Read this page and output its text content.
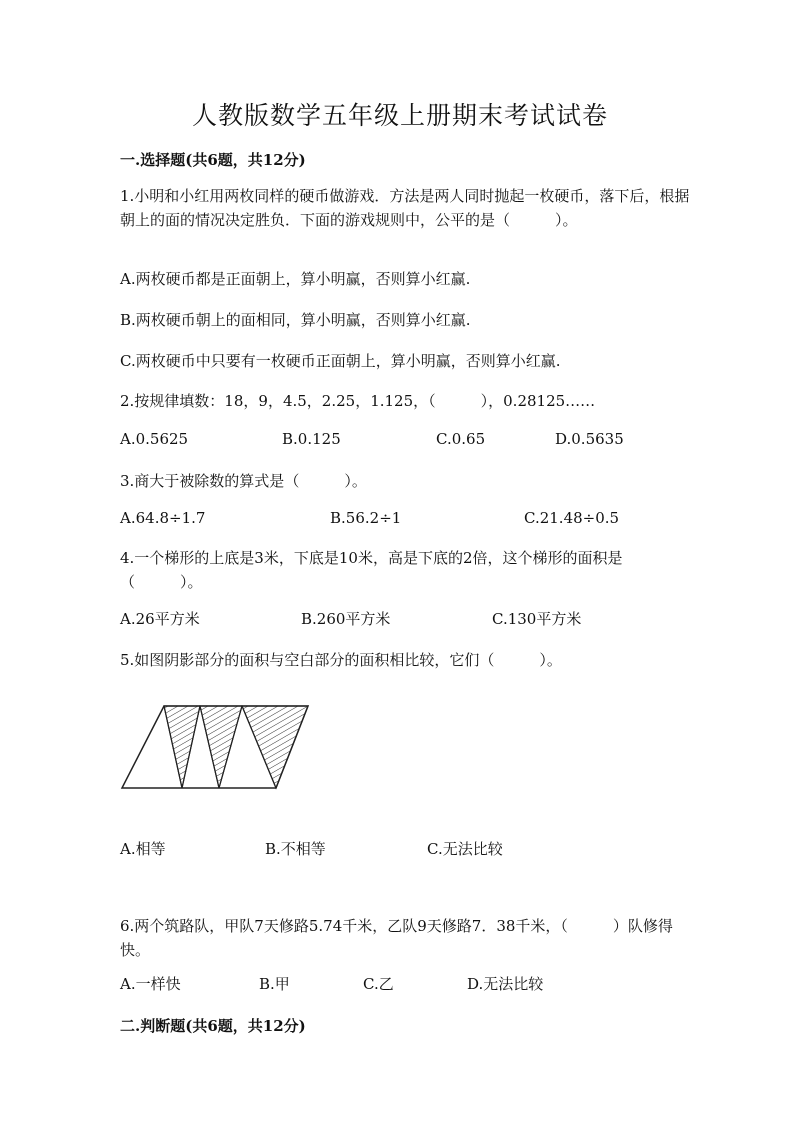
人教版数学五年级上册期末考试试卷
一.选择题(共6题，共12分)
1.小明和小红用两枚同样的硬币做游戏．方法是两人同时抛起一枚硬币，落下后，根据朝上的面的情况决定胜负．下面的游戏规则中，公平的是（　　　）。
A.两枚硬币都是正面朝上，算小明赢，否则算小红赢.
B.两枚硬币朝上的面相同，算小明赢，否则算小红赢.
C.两枚硬币中只要有一枚硬币正面朝上，算小明赢，否则算小红赢.
2.按规律填数：18，9，4.5，2.25，1.125，（　　　），0.28125……
A.0.5625	B.0.125	C.0.65	D.0.5635
3.商大于被除数的算式是（　　　）。
A.64.8÷1.7	B.56.2÷1	C.21.48÷0.5
4.一个梯形的上底是3米，下底是10米，高是下底的2倍，这个梯形的面积是（　　　）。
A.26平方米	B.260平方米	C.130平方米
5.如图阴影部分的面积与空白部分的面积相比较，它们（　　　）。
A.相等	B.不相等	C.无法比较
6.两个筑路队，甲队7天修路5.74千米，乙队9天修路7．38千米，（　　　）队修得快。
A.一样快	B.甲	C.乙	D.无法比较
二.判断题(共6题，共12分)
